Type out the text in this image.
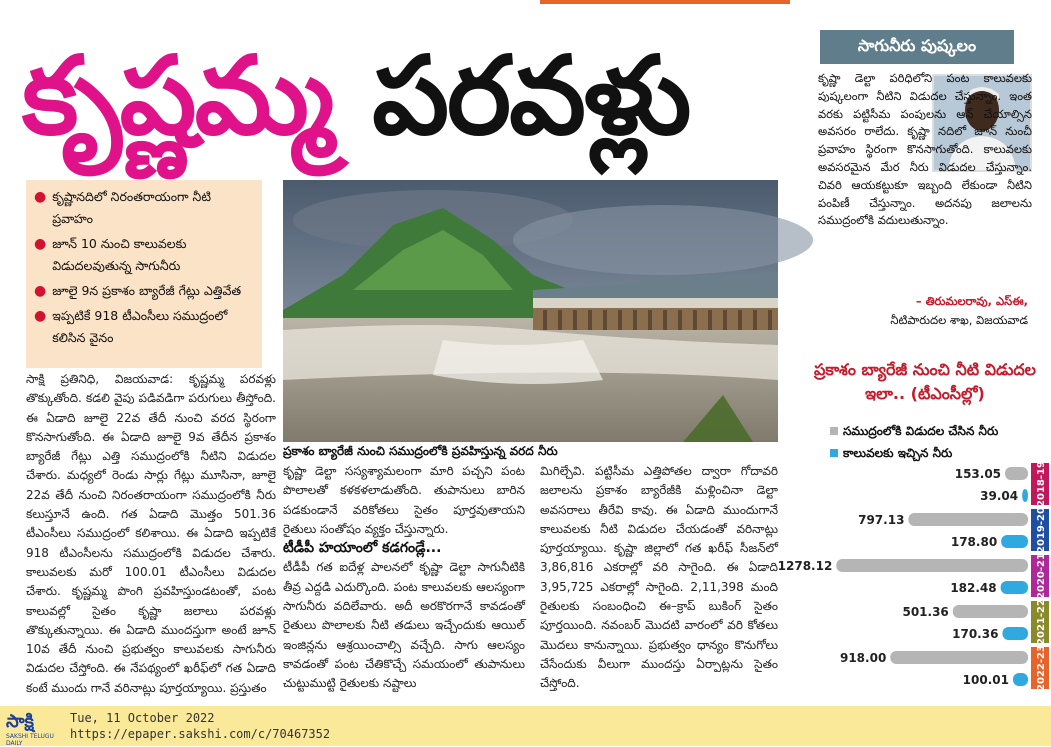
కృష్ణమ్మ పరవళ్లు
● కృష్ణానదిలో నిరంతరాయంగా నీటి ప్రవాహం
● జూన్ 10 నుంచి కాలువలకు విడుదలవుతున్న సాగునీరు
● జూలై 9న ప్రకాశం బ్యారేజీ గేట్లు ఎత్తివేత
● ఇప్పటికే 918 టీఎంసీలు సముద్రంలో కలిసిన వైనం
ప్రకాశం బ్యారేజీ నుంచి సముద్రంలోకి ప్రవహిస్తున్న వరద నీరు
సాక్షి ప్రతినిధి, విజయవాడ: కృష్ణమ్మ పరవళ్లు తొక్కుతోంది. కడలి వైపు పడివడిగా పరుగులు తీస్తోంది. ఈ ఏడాది జూలై 22వ తేదీ నుంచి వరద స్థిరంగా కొనసాగుతోంది. ఈ ఏడాది జూలై 9వ తేదీన ప్రకాశం బ్యారేజీ గేట్లు ఎత్తి సముద్రంలోకి నీటిని విడుదల చేశారు. మధ్యలో రెండు సార్లు గేట్లు మూసినా, జూలై 22వ తేదీ నుంచి నిరంతరాయంగా సముద్రంలోకి నీరు కలుస్తూనే ఉంది. గత ఏడాది మొత్తం 501.36 టీఎంసీలు సముద్రంలో కలిశాయి. ఈ ఏడాది ఇప్పటికే 918 టీఎంసీలను సముద్రంలోకి విడుదల చేశారు. కాలువలకు మరో 100.01 టీఎంసీలు విడుదల చేశారు. కృష్ణమ్మ పొంగి ప్రవహిస్తుండటంతో, పంట కాలువల్లో సైతం కృష్ణా జలాలు పరవళ్లు తొక్కుతున్నాయి. ఈ ఏడాది ముందస్తుగా అంటే జూన్ 10వ తేదీ నుంచి ప్రభుత్వం కాలువలకు సాగునీరు విడుదల చేస్తోంది. ఈ నేపథ్యంలో ఖరీఫ్‌లో గత ఏడాది కంటే ముందు గానే వరినాట్లు పూర్తయ్యాయి. ప్రస్తుతం
కృష్ణా డెల్టా సస్యశ్యామలంగా మారి పచ్చని పంట పొలాలతో కళకళలాడుతోంది. తుపానులు బారిన పడకుండానే వరికోతలు సైతం పూర్తవుతాయని రైతులు సంతోషం వ్యక్తం చేస్తున్నారు.
టీడీపీ హయాంలో కడగండ్లే...
టీడీపీ గత ఐదేళ్ల పాలనలో కృష్ణా డెల్టా సాగునీటికి తీవ్ర ఎద్దడి ఎదుర్కొంది. పంట కాలువలకు ఆలస్యంగా సాగునీరు వదిలేవారు. అదీ అరకొరగానే కావడంతో రైతులు పొలాలకు నీటి తడులు ఇచ్చేందుకు ఆయిల్ ఇంజిన్లను ఆశ్రయించాల్సి వచ్చేది. సాగు ఆలస్యం కావడంతో పంట చేతికొచ్చే సమయంలో తుపానులు చుట్టుముట్టి రైతులకు నష్టాలు
మిగిల్చేవి. పట్టిసీమ ఎత్తిపోతల ద్వారా గోదావరి జలాలను ప్రకాశం బ్యారేజీకి మళ్లించినా డెల్టా అవసరాలు తీరేవి కావు. ఈ ఏడాది ముందుగానే కాలువలకు నీటి విడుదల చేయడంతో వరినాట్లు పూర్తయ్యాయి. కృష్ణా జిల్లాలో గత ఖరీఫ్ సీజన్‌లో 3,86,816 ఎకరాల్లో వరి సాగైంది. ఈ ఏడాది 3,95,725 ఎకరాల్లో సాగైంది. 2,11,398 మంది రైతులకు సంబంధించి ఈ–క్రాప్ బుకింగ్ సైతం పూర్తయింది. నవంబర్ మొదటి వారంలో వరి కోతలు మొదలు కానున్నాయి. ప్రభుత్వం ధాన్యం కొనుగోలు చేసేందుకు వీలుగా ముందస్తు ఏర్పాట్లను సైతం చేస్తోంది.
సాగునీరు పుష్కలం
కృష్ణా డెల్టా పరిధిలోని పంట కాలువలకు పుష్కలంగా నీటిని విడుదల చేస్తున్నాం. ఇంత వరకు పట్టిసీమ పంపులను ఆన్ చేయాల్సిన అవసరం రాలేదు. కృష్ణా నదిలో జూన్ నుంచీ ప్రవాహం స్థిరంగా కొనసాగుతోంది. కాలువలకు అవసరమైన మేర నీరు విడుదల చేస్తున్నాం. చివరి ఆయకట్టుకూ ఇబ్బంది లేకుండా నీటిని పంపిణీ చేస్తున్నాం. అదనపు జలాలను సముద్రంలోకి వదులుతున్నాం.
– తిరుమలరావు, ఎస్ఈ,
నీటిపారుదల శాఖ, విజయవాడ
ప్రకాశం బ్యారేజీ నుంచి నీటి విడుదల ఇలా.. (టీఎంసీల్లో)
సముద్రంలోకి విడుదల చేసిన నీరు
కాలువలకు ఇచ్చిన నీరు
153.05
39.04 2018-19
797.13
178.80	2019-20
1278.12
182.48	2020-21
501.36
170.36	2021-22
918.00
100.01	2022-23
సాక్షి
SAKSHI TELUGU DAILY
Tue, 11 October 2022
https://epaper.sakshi.com/c/70467352
